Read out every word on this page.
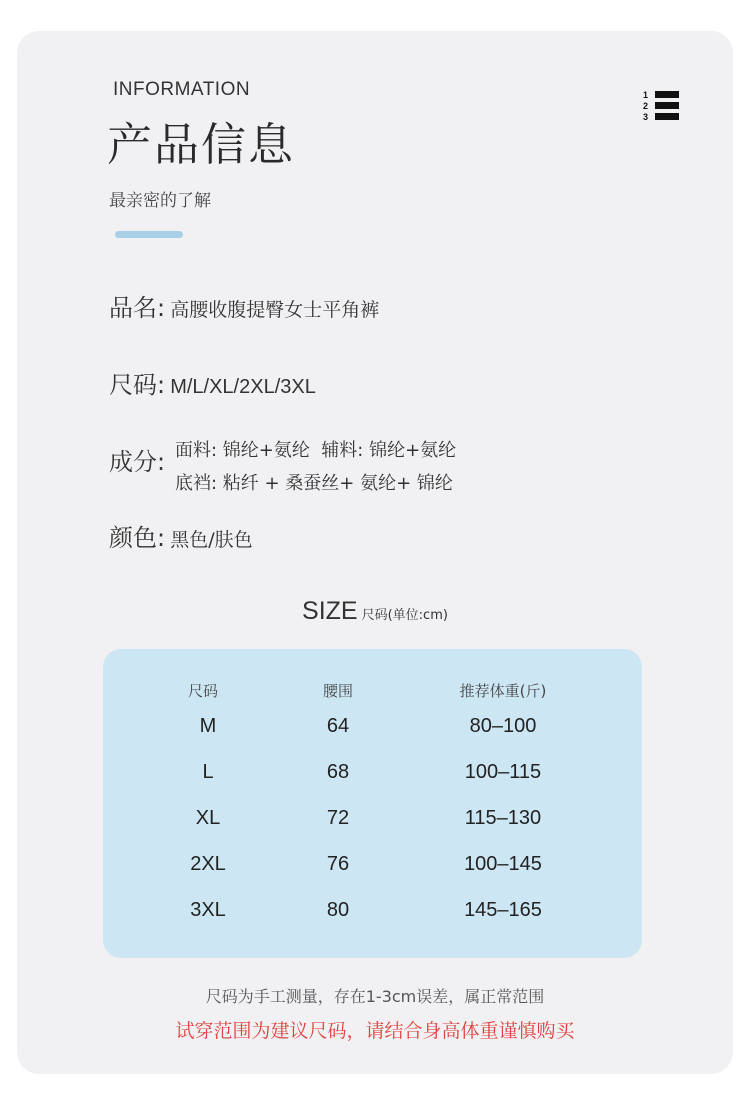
INFORMATION
产品信息
最亲密的了解
1
2
3
品名: 高腰收腹提臀女士平角裤
尺码: M/L/XL/2XL/3XL
成分: 面料: 锦纶+氨纶  辅料: 锦纶+氨纶
底裆: 粘纤 + 桑蚕丝+ 氨纶+ 锦纶
颜色: 黑色/肤色
SIZE 尺码(单位:cm)
尺码	腰围	推荐体重(斤)
M	64	80–100
L	68	100–115
XL	72	115–130
2XL	76	100–145
3XL	80	145–165
尺码为手工测量，存在1-3cm误差，属正常范围
试穿范围为建议尺码，请结合身高体重谨慎购买
